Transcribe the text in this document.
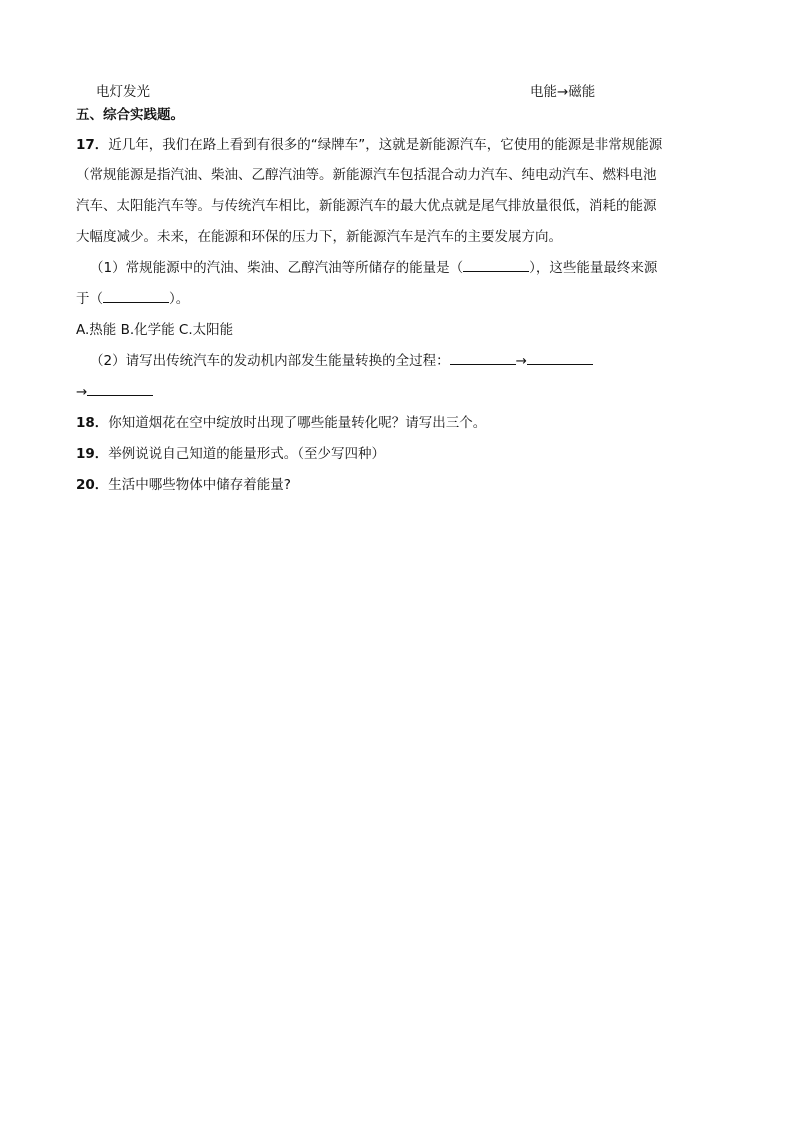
电灯发光	电能→磁能
五、综合实践题。
17．近几年，我们在路上看到有很多的“绿牌车”，这就是新能源汽车，它使用的能源是非常规能源
（常规能源是指汽油、柴油、乙醇汽油等。新能源汽车包括混合动力汽车、纯电动汽车、燃料电池
汽车、太阳能汽车等。与传统汽车相比，新能源汽车的最大优点就是尾气排放量很低，消耗的能源
大幅度减少。未来，在能源和环保的压力下，新能源汽车是汽车的主要发展方向。
（1）常规能源中的汽油、柴油、乙醇汽油等所储存的能量是（	），这些能量最终来源
于（	）。
A.热能 B.化学能 C.太阳能
（2）请写出传统汽车的发动机内部发生能量转换的全过程：	→
→
18．你知道烟花在空中绽放时出现了哪些能量转化呢？请写出三个。
19．举例说说自己知道的能量形式。（至少写四种）
20．生活中哪些物体中储存着能量?
